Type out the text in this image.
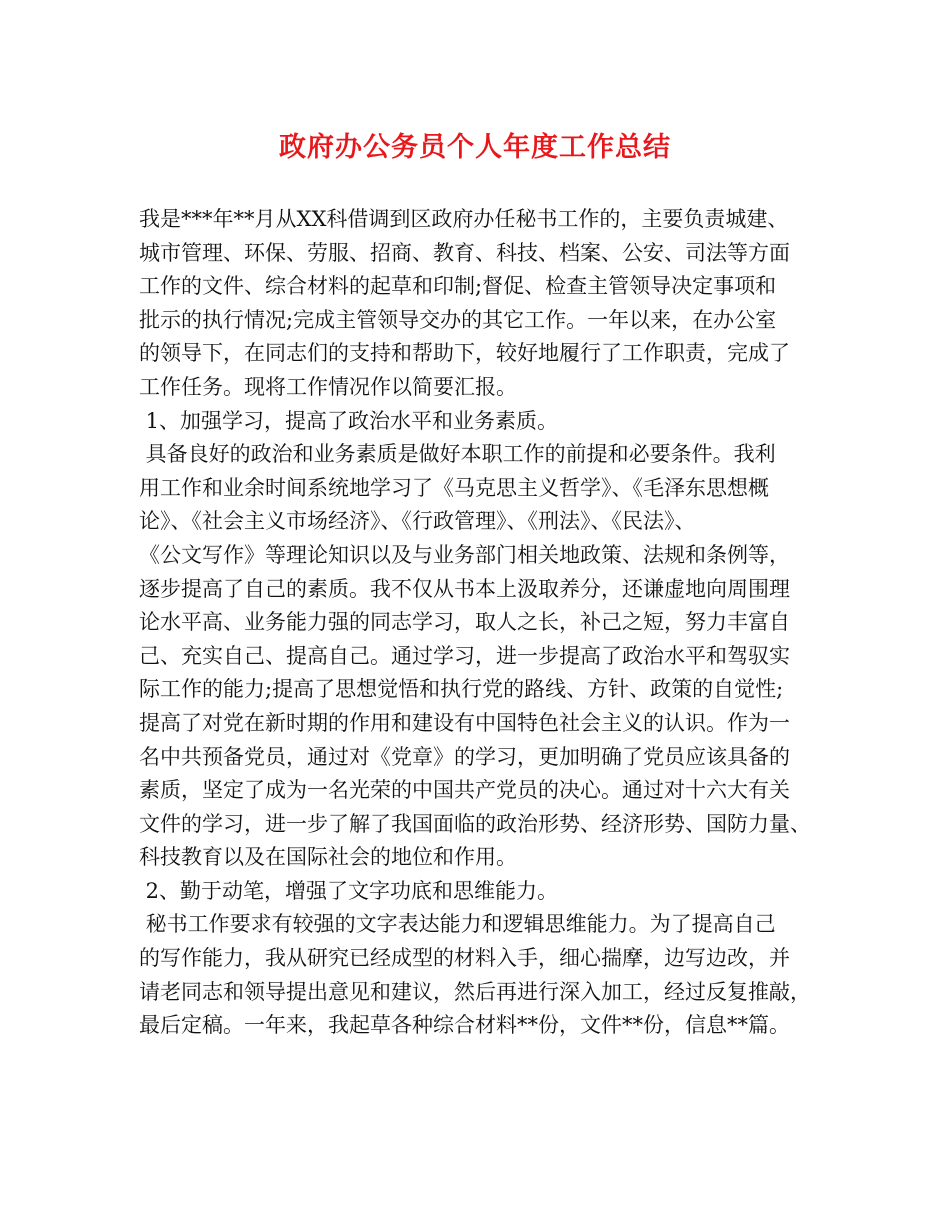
政府办公务员个人年度工作总结
我是***年**月从XX科借调到区政府办任秘书工作的，主要负责城建、
城市管理、环保、劳服、招商、教育、科技、档案、公安、司法等方面
工作的文件、综合材料的起草和印制;督促、检查主管领导决定事项和
批示的执行情况;完成主管领导交办的其它工作。一年以来，在办公室
的领导下，在同志们的支持和帮助下，较好地履行了工作职责，完成了
工作任务。现将工作情况作以简要汇报。
1、加强学习，提高了政治水平和业务素质。
具备良好的政治和业务素质是做好本职工作的前提和必要条件。我利
用工作和业余时间系统地学习了《马克思主义哲学》、《毛泽东思想概
论》、《社会主义市场经济》、《行政管理》、《刑法》、《民法》、
《公文写作》等理论知识以及与业务部门相关地政策、法规和条例等，
逐步提高了自己的素质。我不仅从书本上汲取养分，还谦虚地向周围理
论水平高、业务能力强的同志学习，取人之长，补己之短，努力丰富自
己、充实自己、提高自己。通过学习，进一步提高了政治水平和驾驭实
际工作的能力;提高了思想觉悟和执行党的路线、方针、政策的自觉性;
提高了对党在新时期的作用和建设有中国特色社会主义的认识。作为一
名中共预备党员，通过对《党章》的学习，更加明确了党员应该具备的
素质，坚定了成为一名光荣的中国共产党员的决心。通过对十六大有关
文件的学习，进一步了解了我国面临的政治形势、经济形势、国防力量、
科技教育以及在国际社会的地位和作用。
2、勤于动笔，增强了文字功底和思维能力。
秘书工作要求有较强的文字表达能力和逻辑思维能力。为了提高自己
的写作能力，我从研究已经成型的材料入手，细心揣摩，边写边改，并
请老同志和领导提出意见和建议，然后再进行深入加工，经过反复推敲，
最后定稿。一年来，我起草各种综合材料**份，文件**份，信息**篇。
